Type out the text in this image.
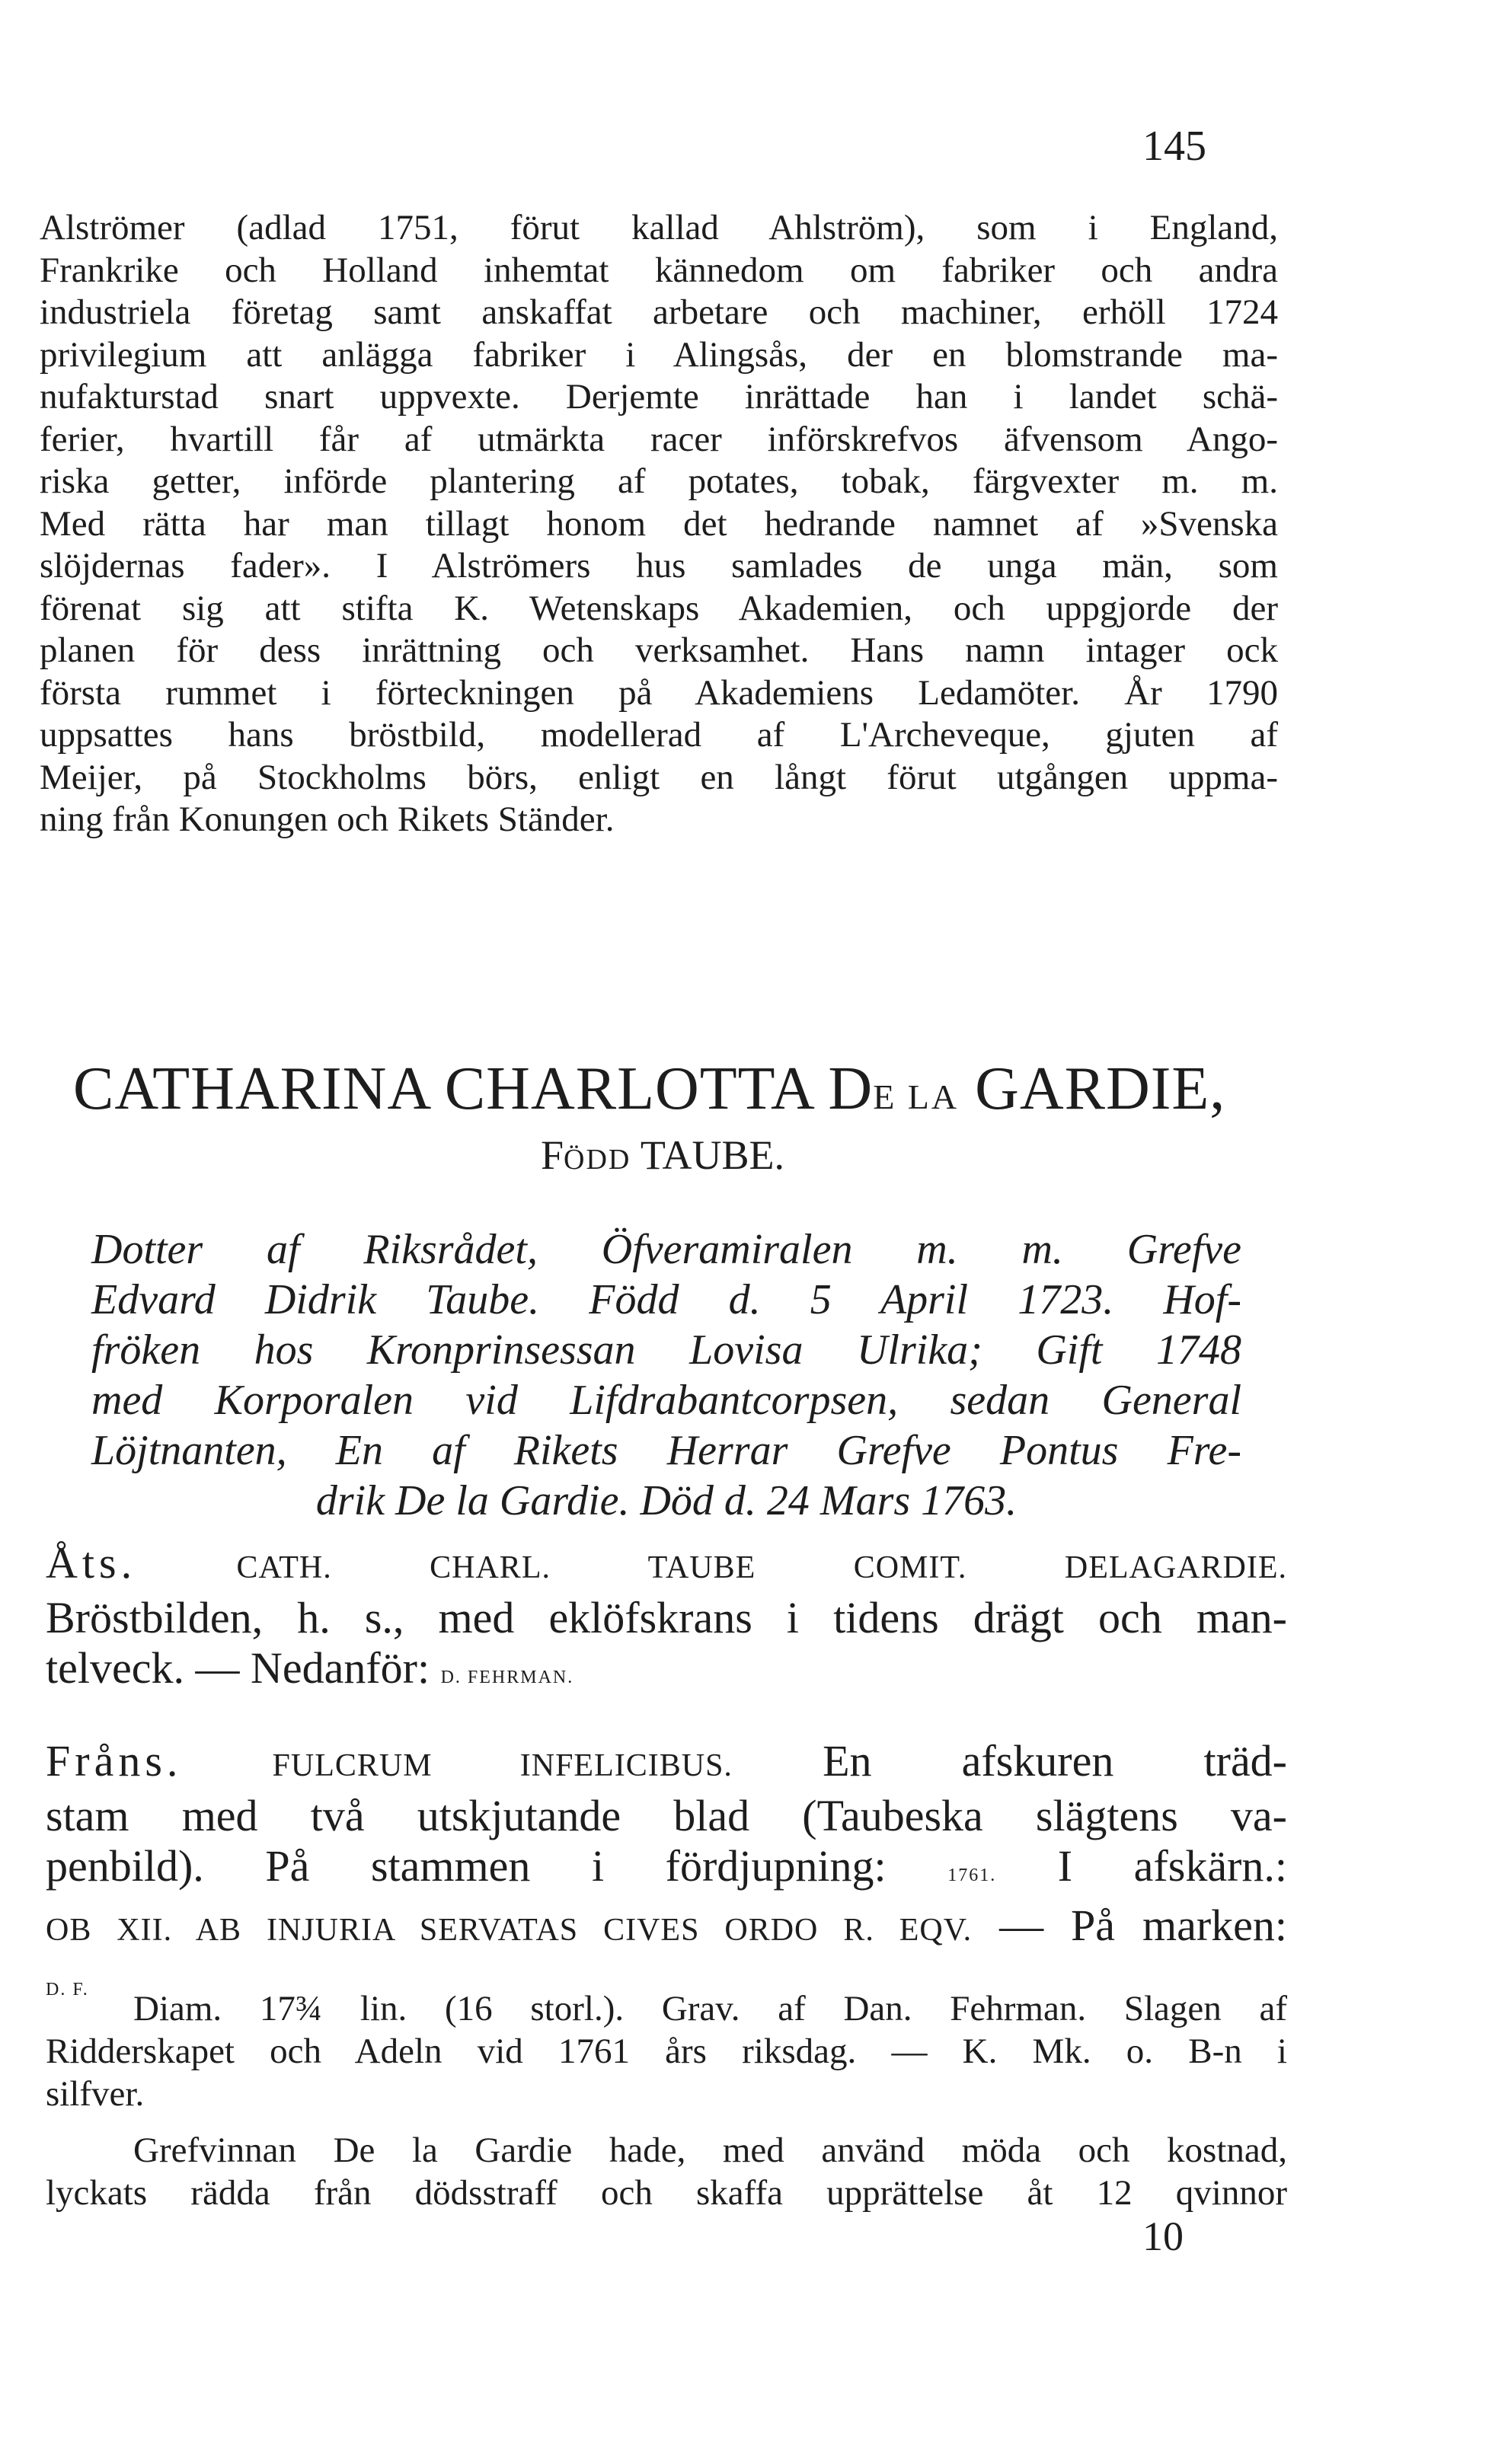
145
Alströmer (adlad 1751, förut kallad Ahlström), som i England,
Frankrike och Holland inhemtat kännedom om fabriker och andra
industriela företag samt anskaffat arbetare och machiner, erhöll 1724
privilegium att anlägga fabriker i Alingsås, der en blomstrande ma-
nufakturstad snart uppvexte. Derjemte inrättade han i landet schä-
ferier, hvartill får af utmärkta racer införskrefvos äfvensom Ango-
riska getter, införde plantering af potates, tobak, färgvexter m. m.
Med rätta har man tillagt honom det hedrande namnet af »Svenska
slöjdernas fader». I Alströmers hus samlades de unga män, som
förenat sig att stifta K. Wetenskaps Akademien, och uppgjorde der
planen för dess inrättning och verksamhet. Hans namn intager ock
första rummet i förteckningen på Akademiens Ledamöter. År 1790
uppsattes hans bröstbild, modellerad af L'Archeveque, gjuten af
Meijer, på Stockholms börs, enligt en långt förut utgången uppma-
ning från Konungen och Rikets Ständer.
CATHARINA CHARLOTTA DE LA GARDIE,
FÖDD TAUBE.
Dotter af Riksrådet, Öfveramiralen m. m. Grefve
Edvard Didrik Taube. Född d. 5 April 1723. Hof-
fröken hos Kronprinsessan Lovisa Ulrika; Gift 1748
med Korporalen vid Lifdrabantcorpsen, sedan General
Löjtnanten, En af Rikets Herrar Grefve Pontus Fre-
drik De la Gardie. Död d. 24 Mars 1763.
Åts.	CATH. CHARL. TAUBE COMIT. DELAGARDIE.
Bröstbilden, h. s., med eklöfskrans i tidens drägt och man-
telveck. — Nedanför: D. FEHRMAN.
Fråns.	FULCRUM INFELICIBUS. En afskuren träd-
stam med två utskjutande blad (Taubeska slägtens va-
penbild). På stammen i fördjupning: 1761. I afskärn.:
OB XII. AB INJURIA SERVATAS CIVES ORDO R. EQV. — På marken:
D. F.	Diam. 17¾ lin. (16 storl.). Grav. af Dan. Fehrman. Slagen af
Ridderskapet och Adeln vid 1761 års riksdag. — K. Mk. o. B-n i
silfver.
Grefvinnan De la Gardie hade, med använd möda och kostnad,
lyckats rädda från dödsstraff och skaffa upprättelse åt 12 qvinnor
10
